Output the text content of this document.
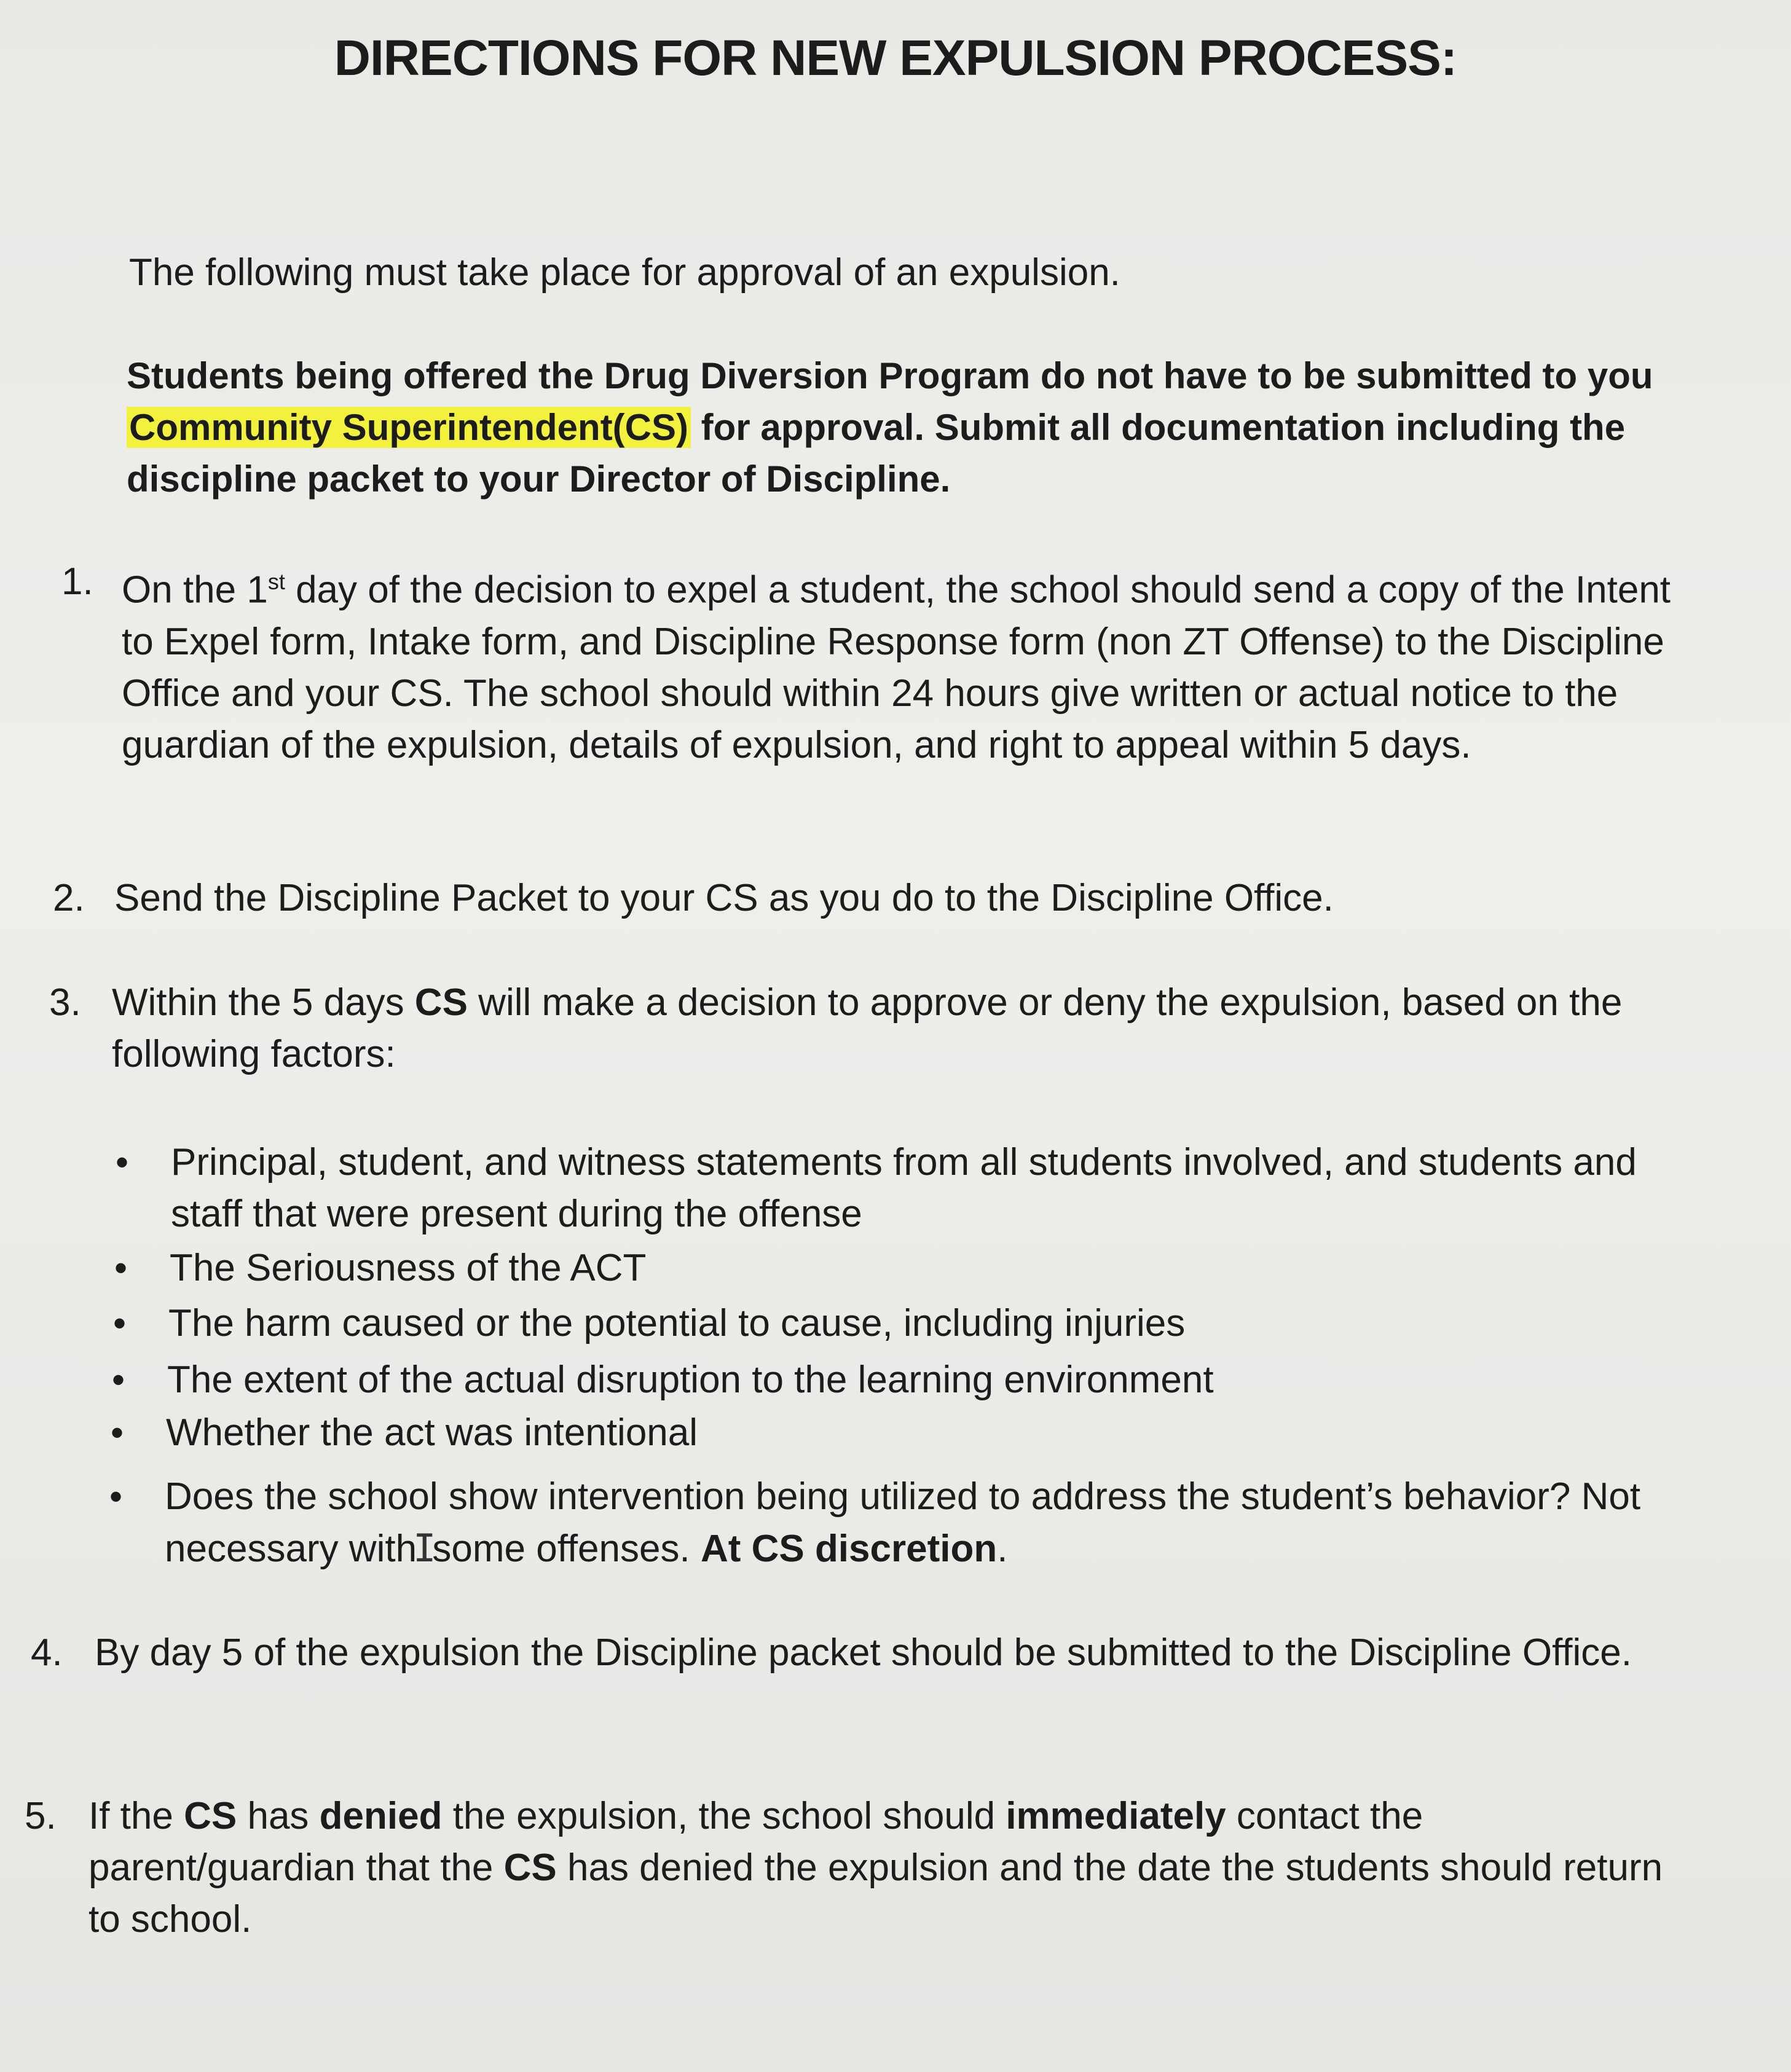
DIRECTIONS FOR NEW EXPULSION PROCESS:
The following must take place for approval of an expulsion.
Students being offered the Drug Diversion Program do not have to be submitted to you Community Superintendent(CS) for approval. Submit all documentation including the discipline packet to your Director of Discipline.
1. On the 1st day of the decision to expel a student, the school should send a copy of the Intent to Expel form, Intake form, and Discipline Response form (non ZT Offense) to the Discipline Office and your CS. The school should within 24 hours give written or actual notice to the guardian of the expulsion, details of expulsion, and right to appeal within 5 days.
2. Send the Discipline Packet to your CS as you do to the Discipline Office.
3. Within the 5 days CS will make a decision to approve or deny the expulsion, based on the following factors:
• Principal, student, and witness statements from all students involved, and students and staff that were present during the offense
• The Seriousness of the ACT
• The harm caused or the potential to cause, including injuries
• The extent of the actual disruption to the learning environment
• Whether the act was intentional
• Does the school show intervention being utilized to address the student’s behavior? Not necessary withIsome offenses. At CS discretion.
4. By day 5 of the expulsion the Discipline packet should be submitted to the Discipline Office.
5. If the CS has denied the expulsion, the school should immediately contact the parent/guardian that the CS has denied the expulsion and the date the students should return to school.
